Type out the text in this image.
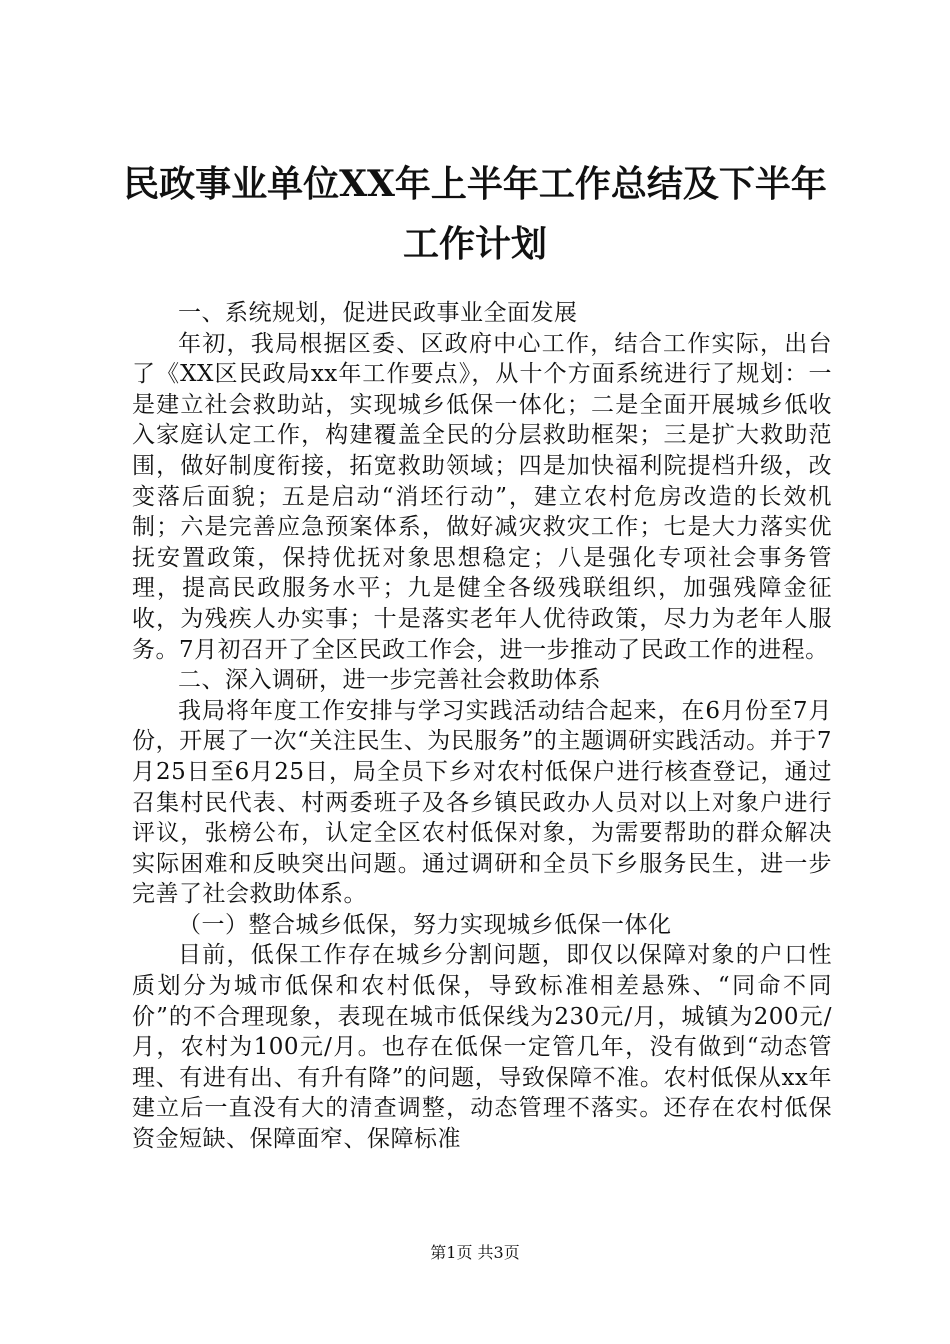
民政事业单位XX年上半年工作总结及下半年
工作计划

一、系统规划，促进民政事业全面发展

年初，我局根据区委、区政府中心工作，结合工作实际，出台了《XX区民政局xx年工作要点》，从十个方面系统进行了规划：一是建立社会救助站，实现城乡低保一体化；二是全面开展城乡低收入家庭认定工作，构建覆盖全民的分层救助框架；三是扩大救助范围，做好制度衔接，拓宽救助领域；四是加快福利院提档升级，改变落后面貌；五是启动“消坯行动”，建立农村危房改造的长效机制；六是完善应急预案体系，做好减灾救灾工作；七是大力落实优抚安置政策，保持优抚对象思想稳定；八是强化专项社会事务管理，提高民政服务水平；九是健全各级残联组织，加强残障金征收，为残疾人办实事；十是落实老年人优待政策，尽力为老年人服务。7月初召开了全区民政工作会，进一步推动了民政工作的进程。

二、深入调研，进一步完善社会救助体系

我局将年度工作安排与学习实践活动结合起来，在6月份至7月份，开展了一次“关注民生、为民服务”的主题调研实践活动。并于7月25日至6月25日，局全员下乡对农村低保户进行核查登记，通过召集村民代表、村两委班子及各乡镇民政办人员对以上对象户进行评议，张榜公布，认定全区农村低保对象，为需要帮助的群众解决实际困难和反映突出问题。通过调研和全员下乡服务民生，进一步完善了社会救助体系。

（一）整合城乡低保，努力实现城乡低保一体化

目前，低保工作存在城乡分割问题，即仅以保障对象的户口性质划分为城市低保和农村低保，导致标准相差悬殊、“同命不同价”的不合理现象，表现在城市低保线为230元/月，城镇为200元/月，农村为100元/月。也存在低保一定管几年，没有做到“动态管理、有进有出、有升有降”的问题，导致保障不准。农村低保从xx年建立后一直没有大的清查调整，动态管理不落实。还存在农村低保资金短缺、保障面窄、保障标准

第1页 共3页
